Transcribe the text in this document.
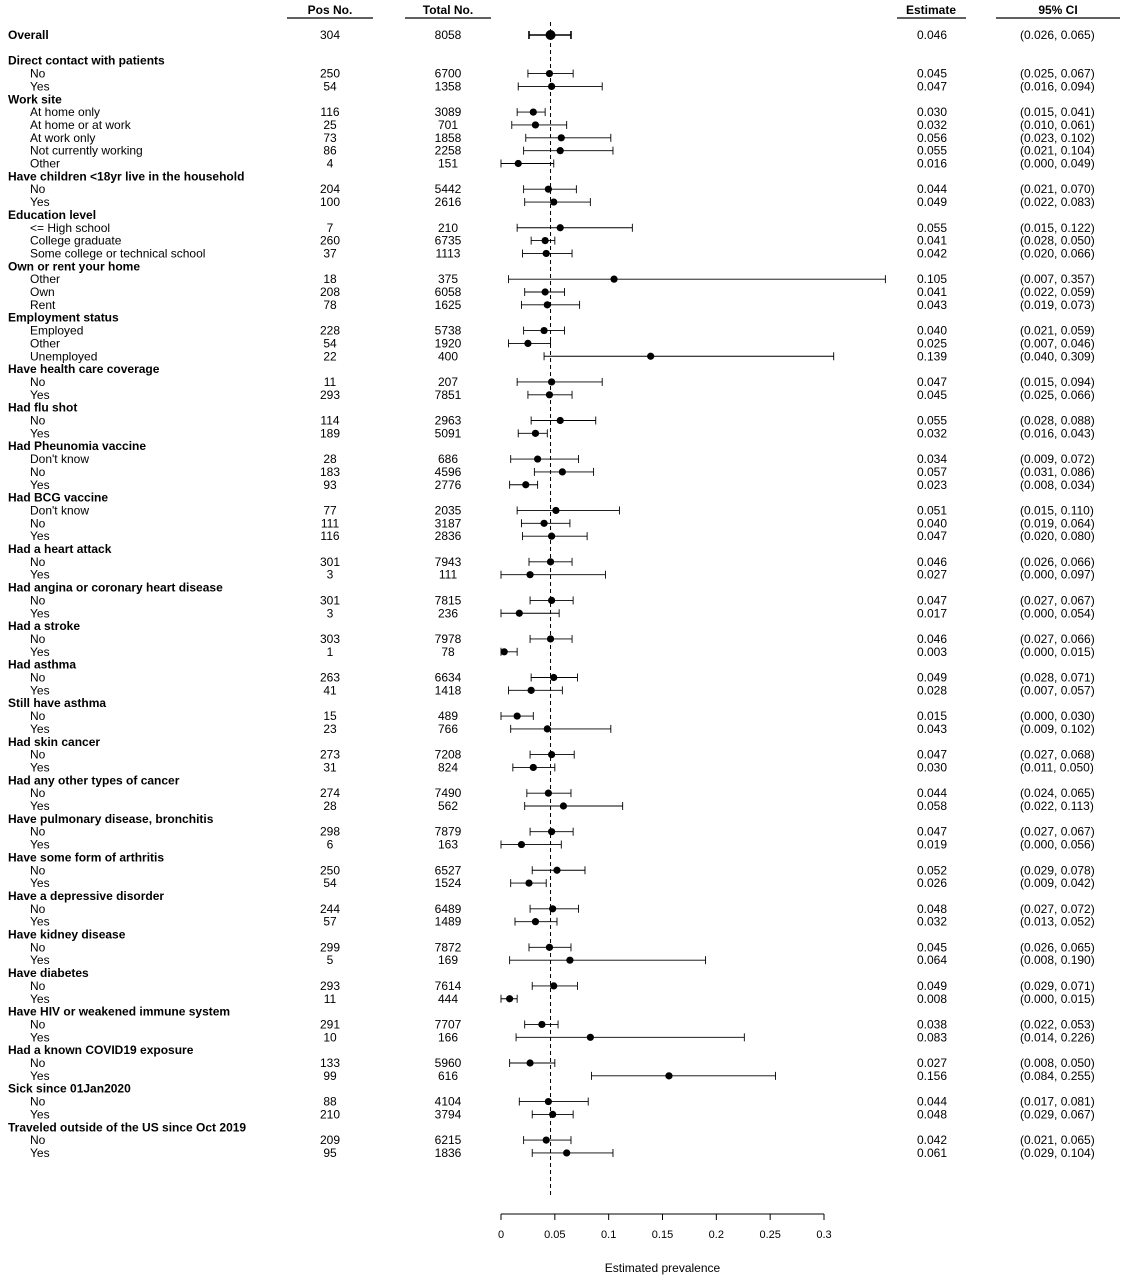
Pos No.	Total No.	Estimate	95% CI
Overall	304	8058	0.046	(0.026, 0.065)
Direct contact with patients
No	250	6700	0.045	(0.025, 0.067)
Yes	54	1358	0.047	(0.016, 0.094)
Work site
At home only	116	3089	0.030	(0.015, 0.041)
At home or at work	25	701	0.032	(0.010, 0.061)
At work only	73	1858	0.056	(0.023, 0.102)
Not currently working	86	2258	0.055	(0.021, 0.104)
Other	4	151	0.016	(0.000, 0.049)
Have children <18yr live in the household
No	204	5442	0.044	(0.021, 0.070)
Yes	100	2616	0.049	(0.022, 0.083)
Education level
<= High school	7	210	0.055	(0.015, 0.122)
College graduate	260	6735	0.041	(0.028, 0.050)
Some college or technical school	37	1113	0.042	(0.020, 0.066)
Own or rent your home
Other	18	375	0.105	(0.007, 0.357)
Own	208	6058	0.041	(0.022, 0.059)
Rent	78	1625	0.043	(0.019, 0.073)
Employment status
Employed	228	5738	0.040	(0.021, 0.059)
Other	54	1920	0.025	(0.007, 0.046)
Unemployed	22	400	0.139	(0.040, 0.309)
Have health care coverage
No	11	207	0.047	(0.015, 0.094)
Yes	293	7851	0.045	(0.025, 0.066)
Had flu shot
No	114	2963	0.055	(0.028, 0.088)
Yes	189	5091	0.032	(0.016, 0.043)
Had Pheunomia vaccine
Don't know	28	686	0.034	(0.009, 0.072)
No	183	4596	0.057	(0.031, 0.086)
Yes	93	2776	0.023	(0.008, 0.034)
Had BCG vaccine
Don't know	77	2035	0.051	(0.015, 0.110)
No	111	3187	0.040	(0.019, 0.064)
Yes	116	2836	0.047	(0.020, 0.080)
Had a heart attack
No	301	7943	0.046	(0.026, 0.066)
Yes	3	111	0.027	(0.000, 0.097)
Had angina or coronary heart disease
No	301	7815	0.047	(0.027, 0.067)
Yes	3	236	0.017	(0.000, 0.054)
Had a stroke
No	303	7978	0.046	(0.027, 0.066)
Yes	1	78	0.003	(0.000, 0.015)
Had asthma
No	263	6634	0.049	(0.028, 0.071)
Yes	41	1418	0.028	(0.007, 0.057)
Still have asthma
No	15	489	0.015	(0.000, 0.030)
Yes	23	766	0.043	(0.009, 0.102)
Had skin cancer
No	273	7208	0.047	(0.027, 0.068)
Yes	31	824	0.030	(0.011, 0.050)
Had any other types of cancer
No	274	7490	0.044	(0.024, 0.065)
Yes	28	562	0.058	(0.022, 0.113)
Have pulmonary disease, bronchitis
No	298	7879	0.047	(0.027, 0.067)
Yes	6	163	0.019	(0.000, 0.056)
Have some form of arthritis
No	250	6527	0.052	(0.029, 0.078)
Yes	54	1524	0.026	(0.009, 0.042)
Have a depressive disorder
No	244	6489	0.048	(0.027, 0.072)
Yes	57	1489	0.032	(0.013, 0.052)
Have kidney disease
No	299	7872	0.045	(0.026, 0.065)
Yes	5	169	0.064	(0.008, 0.190)
Have diabetes
No	293	7614	0.049	(0.029, 0.071)
Yes	11	444	0.008	(0.000, 0.015)
Have HIV or weakened immune system
No	291	7707	0.038	(0.022, 0.053)
Yes	10	166	0.083	(0.014, 0.226)
Had a known COVID19 exposure
No	133	5960	0.027	(0.008, 0.050)
Yes	99	616	0.156	(0.084, 0.255)
Sick since 01Jan2020
No	88	4104	0.044	(0.017, 0.081)
Yes	210	3794	0.048	(0.029, 0.067)
Traveled outside of the US since Oct 2019
No	209	6215	0.042	(0.021, 0.065)
Yes	95	1836	0.061	(0.029, 0.104)
0	0.05	0.1	0.15	0.2	0.25	0.3
Estimated prevalence
